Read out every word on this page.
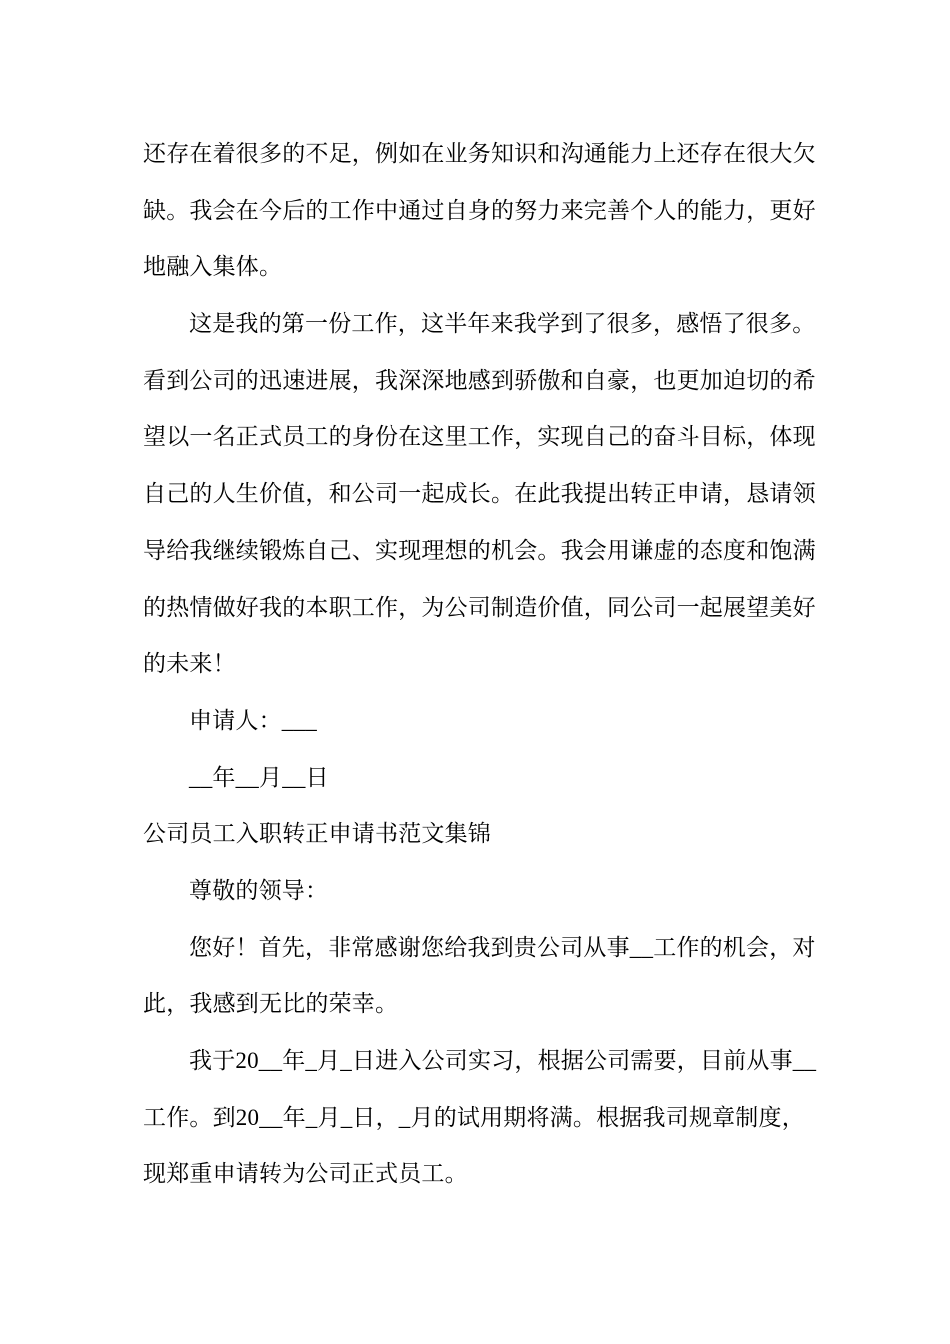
还存在着很多的不足，例如在业务知识和沟通能力上还存在很大欠
缺。我会在今后的工作中通过自身的努力来完善个人的能力，更好
地融入集体。
这是我的第一份工作，这半年来我学到了很多，感悟了很多。
看到公司的迅速进展，我深深地感到骄傲和自豪，也更加迫切的希
望以一名正式员工的身份在这里工作，实现自己的奋斗目标，体现
自己的人生价值，和公司一起成长。在此我提出转正申请，恳请领
导给我继续锻炼自己、实现理想的机会。我会用谦虚的态度和饱满
的热情做好我的本职工作，为公司制造价值，同公司一起展望美好
的未来！
申请人：___
__年__月__日
公司员工入职转正申请书范文集锦
尊敬的领导：
您好！首先，非常感谢您给我到贵公司从事__工作的机会，对
此，我感到无比的荣幸。
我于20__年_月_日进入公司实习，根据公司需要，目前从事__
工作。到20__年_月_日，_月的试用期将满。根据我司规章制度，
现郑重申请转为公司正式员工。
